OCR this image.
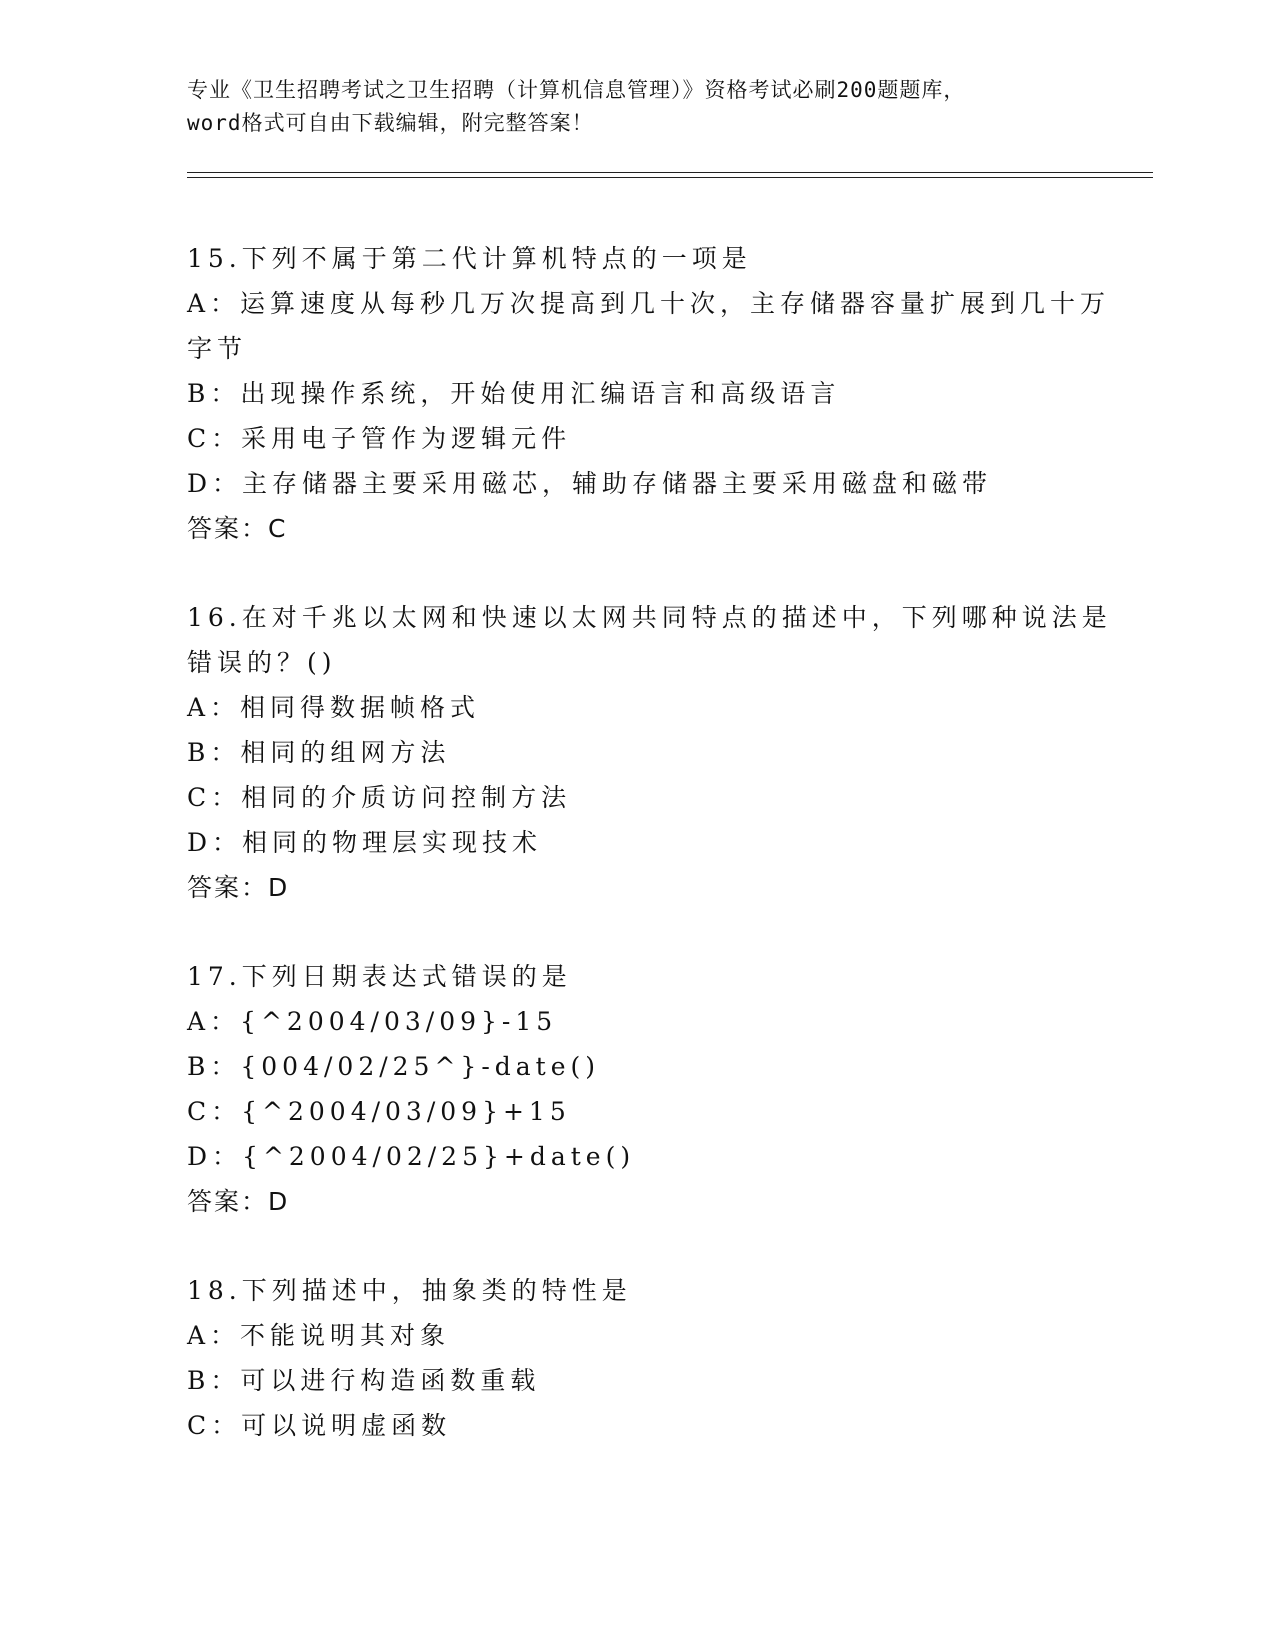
专业《卫生招聘考试之卫生招聘（计算机信息管理）》资格考试必刷200题题库，
word格式可自由下载编辑，附完整答案！
15.下列不属于第二代计算机特点的一项是
A：运算速度从每秒几万次提高到几十次，主存储器容量扩展到几十万
字节
B：出现操作系统，开始使用汇编语言和高级语言
C：采用电子管作为逻辑元件
D：主存储器主要采用磁芯，辅助存储器主要采用磁盘和磁带
答案：C
16.在对千兆以太网和快速以太网共同特点的描述中，下列哪种说法是
错误的？()
A：相同得数据帧格式
B：相同的组网方法
C：相同的介质访问控制方法
D：相同的物理层实现技术
答案：D
17.下列日期表达式错误的是
A：{^2004/03/09}-15
B：{004/02/25^}-date()
C：{^2004/03/09}+15
D：{^2004/02/25}+date()
答案：D
18.下列描述中，抽象类的特性是
A：不能说明其对象
B：可以进行构造函数重载
C：可以说明虚函数
